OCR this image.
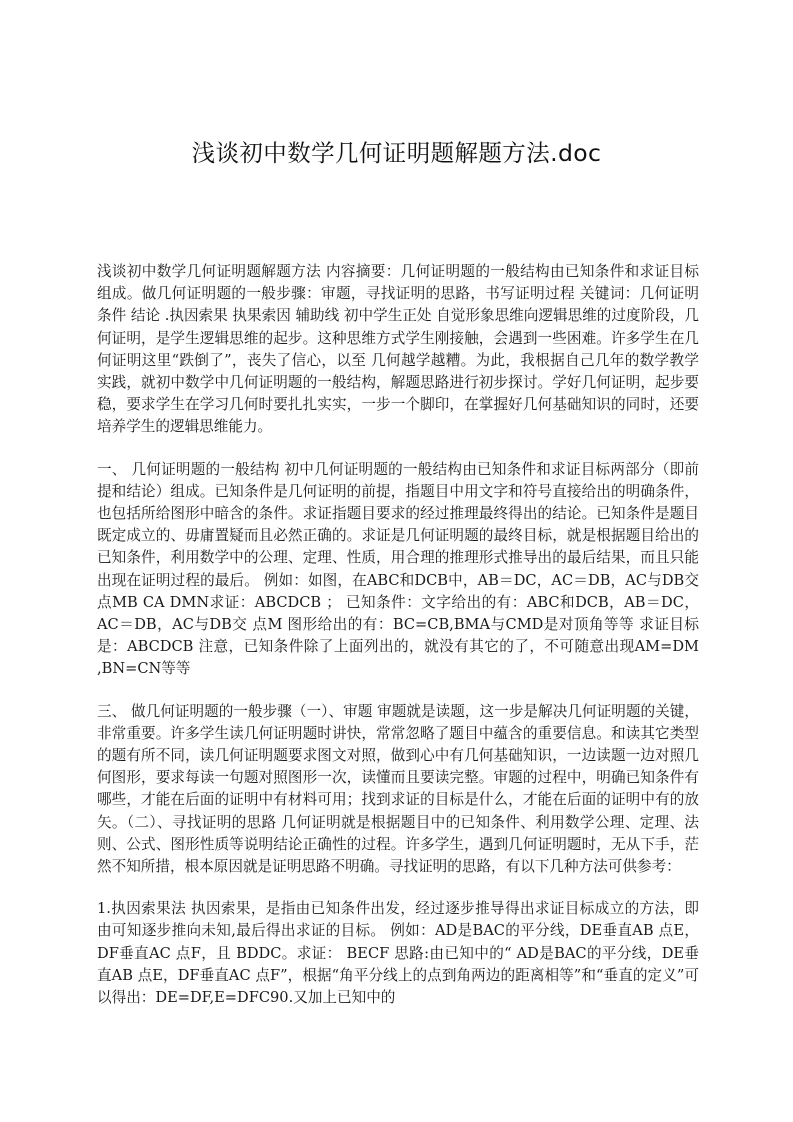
浅谈初中数学几何证明题解题方法.doc

浅谈初中数学几何证明题解题方法 内容摘要：几何证明题的一般结构由已知条件和求证目标组成。做几何证明题的一般步骤：审题，寻找证明的思路，书写证明过程 关键词：几何证明 条件 结论 .执因索果 执果索因 辅助线 初中学生正处 自觉形象思维向逻辑思维的过度阶段，几何证明，是学生逻辑思维的起步。这种思维方式学生刚接触，会遇到一些困难。许多学生在几何证明这里“跌倒了”，丧失了信心，以至 几何越学越糟。为此，我根据自己几年的数学教学实践，就初中数学中几何证明题的一般结构，解题思路进行初步探讨。学好几何证明，起步要稳，要求学生在学习几何时要扎扎实实，一步一个脚印，在掌握好几何基础知识的同时，还要培养学生的逻辑思维能力。

一、 几何证明题的一般结构 初中几何证明题的一般结构由已知条件和求证目标两部分（即前提和结论）组成。已知条件是几何证明的前提，指题目中用文字和符号直接给出的明确条件，也包括所给图形中暗含的条件。求证指题目要求的经过推理最终得出的结论。已知条件是题目既定成立的、毋庸置疑而且必然正确的。求证是几何证明题的最终目标，就是根据题目给出的已知条件，利用数学中的公理、定理、性质，用合理的推理形式推导出的最后结果，而且只能出现在证明过程的最后。 例如：如图，在ABC和DCB中，AB＝DC，AC＝DB，AC与DB交 点MB CA DMN求证：ABCDCB ； 已知条件：文字给出的有：ABC和DCB，AB＝DC，AC＝DB，AC与DB交 点M 图形给出的有：BC=CB,BMA与CMD是对顶角等等 求证目标是：ABCDCB 注意，已知条件除了上面列出的，就没有其它的了，不可随意出现AM=DM ,BN=CN等等

三、 做几何证明题的一般步骤（一）、审题 审题就是读题，这一步是解决几何证明题的关键，非常重要。许多学生读几何证明题时讲快，常常忽略了题目中蕴含的重要信息。和读其它类型的题有所不同，读几何证明题要求图文对照，做到心中有几何基础知识，一边读题一边对照几何图形，要求每读一句题对照图形一次，读懂而且要读完整。审题的过程中，明确已知条件有哪些，才能在后面的证明中有材料可用；找到求证的目标是什么，才能在后面的证明中有的放矢。（二）、寻找证明的思路 几何证明就是根据题目中的已知条件、利用数学公理、定理、法则、公式、图形性质等说明结论正确性的过程。许多学生，遇到几何证明题时，无从下手，茫然不知所措，根本原因就是证明思路不明确。寻找证明的思路，有以下几种方法可供参考：

1.执因索果法 执因索果，是指由已知条件出发，经过逐步推导得出求证目标成立的方法，即由可知逐步推向未知,最后得出求证的目标。 例如：AD是BAC的平分线，DE垂直AB 点E，DF垂直AC 点F，且 BDDC。求证： BECF 思路:由已知中的“ AD是BAC的平分线，DE垂直AB 点E，DF垂直AC 点F”，根据“角平分线上的点到角两边的距离相等”和“垂直的定义”可以得出：DE=DF,E=DFC90.又加上已知中的
